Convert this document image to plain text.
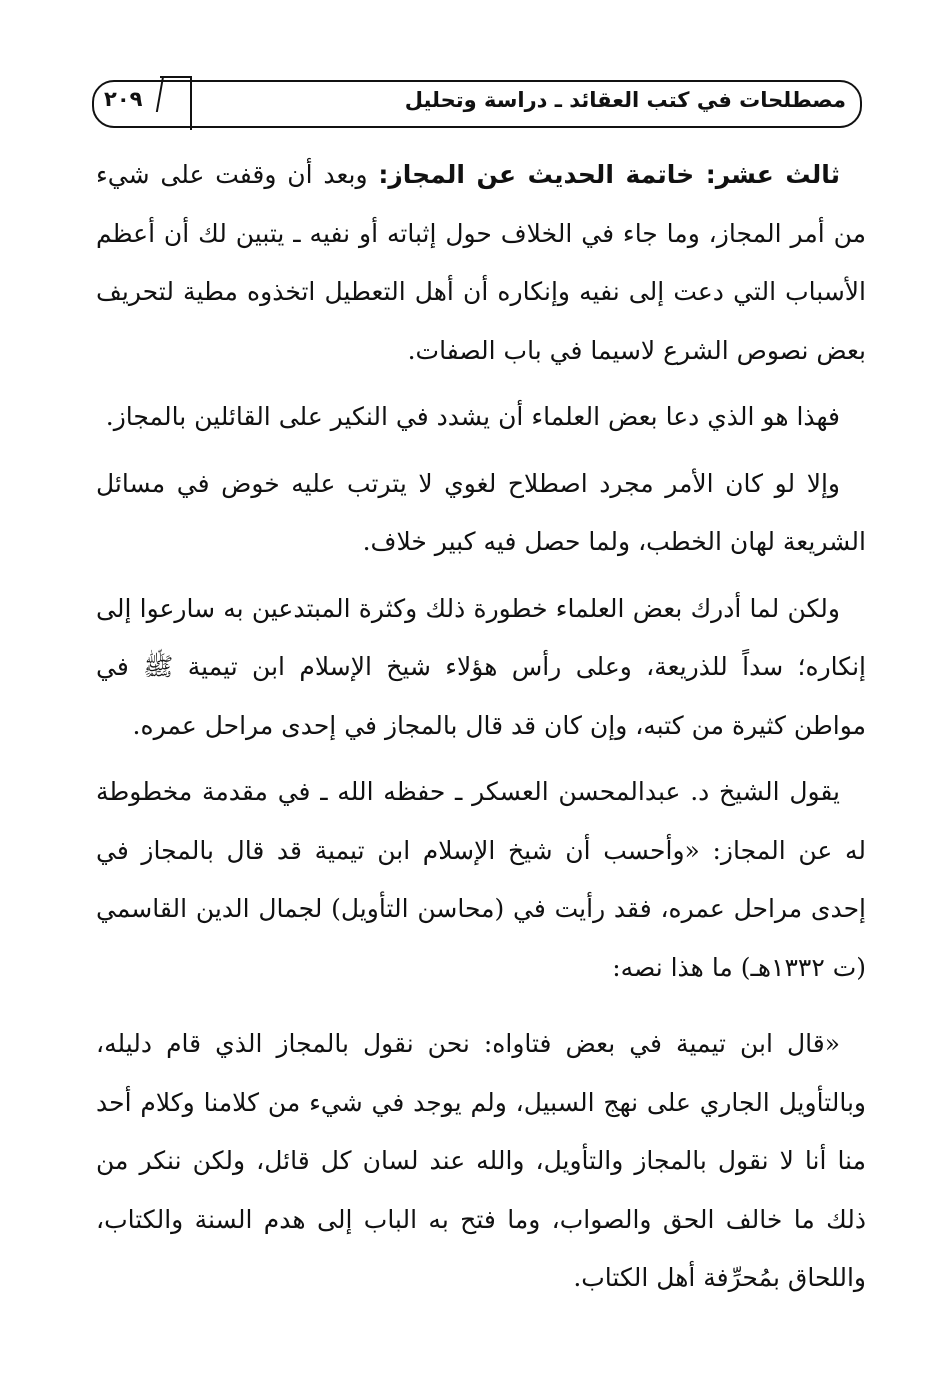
مصطلحات في كتب العقائد ـ دراسة وتحليل
٢٠٩

ثالث عشر: خاتمة الحديث عن المجاز: وبعد أن وقفت على شيء من أمر المجاز، وما جاء في الخلاف حول إثباته أو نفيه ـ يتبين لك أن أعظم الأسباب التي دعت إلى نفيه وإنكاره أن أهل التعطيل اتخذوه مطية لتحريف بعض نصوص الشرع لاسيما في باب الصفات.

فهذا هو الذي دعا بعض العلماء أن يشدد في النكير على القائلين بالمجاز.

وإلا لو كان الأمر مجرد اصطلاح لغوي لا يترتب عليه خوض في مسائل الشريعة لهان الخطب، ولما حصل فيه كبير خلاف.

ولكن لما أدرك بعض العلماء خطورة ذلك وكثرة المبتدعين به سارعوا إلى إنكاره؛ سداً للذريعة، وعلى رأس هؤلاء شيخ الإسلام ابن تيمية ﷺ في مواطن كثيرة من كتبه، وإن كان قد قال بالمجاز في إحدى مراحل عمره.

يقول الشيخ د. عبدالمحسن العسكر ـ حفظه الله ـ في مقدمة مخطوطة له عن المجاز: «وأحسب أن شيخ الإسلام ابن تيمية قد قال بالمجاز في إحدى مراحل عمره، فقد رأيت في (محاسن التأويل) لجمال الدين القاسمي (ت ١٣٣٢هـ) ما هذا نصه:

«قال ابن تيمية في بعض فتاواه: نحن نقول بالمجاز الذي قام دليله، وبالتأويل الجاري على نهج السبيل، ولم يوجد في شيء من كلامنا وكلام أحد منا أنا لا نقول بالمجاز والتأويل، والله عند لسان كل قائل، ولكن ننكر من ذلك ما خالف الحق والصواب، وما فتح به الباب إلى هدم السنة والكتاب، واللحاق بمُحرِّفة أهل الكتاب.
